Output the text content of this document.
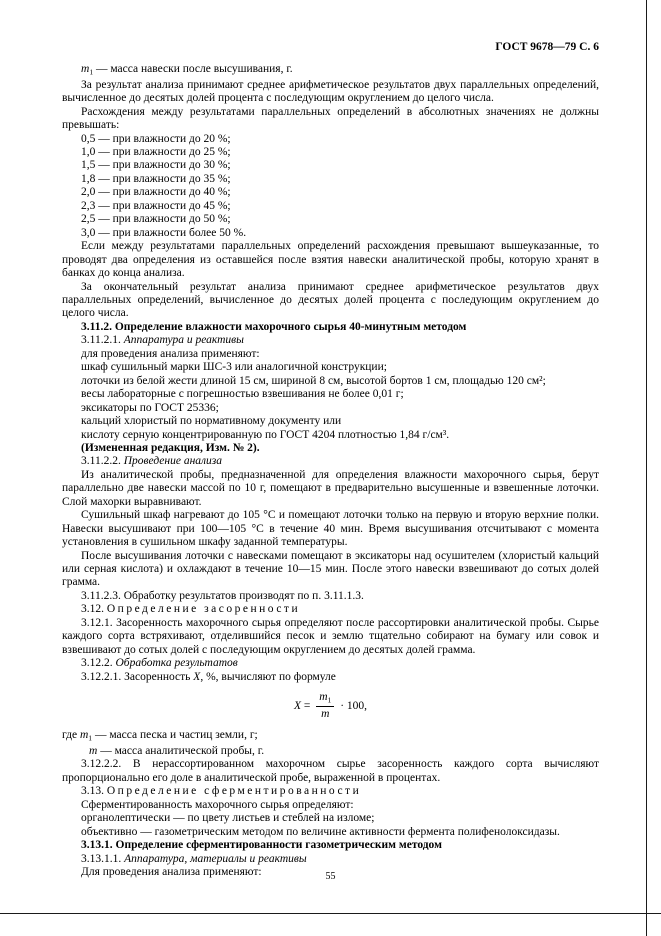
ГОСТ 9678—79 С. 6

$m_1$ — масса навески после высушивания, г.

За результат анализа принимают среднее арифметическое результатов двух параллельных определений, вычисленное до десятых долей процента с последующим округлением до целого числа.

Расхождения между результатами параллельных определений в абсолютных значениях не должны превышать:

0,5 — при влажности до 20 %;

1,0 — при влажности до 25 %;

1,5 — при влажности до 30 %;

1,8 — при влажности до 35 %;

2,0 — при влажности до 40 %;

2,3 — при влажности до 45 %;

2,5 — при влажности до 50 %;

3,0 — при влажности более 50 %.

Если между результатами параллельных определений расхождения превышают вышеуказанные, то проводят два определения из оставшейся после взятия навески аналитической пробы, которую хранят в банках до конца анализа.

За окончательный результат анализа принимают среднее арифметическое результатов двух параллельных определений, вычисленное до десятых долей процента с последующим округлением до целого числа.

3.11.2. Определение влажности махорочного сырья 40-минутным методом

3.11.2.1. Аппаратура и реактивы

для проведения анализа применяют:

шкаф сушильный марки ШС-3 или аналогичной конструкции;

лоточки из белой жести длиной 15 см, шириной 8 см, высотой бортов 1 см, площадью 120 см²;

весы лабораторные с погрешностью взвешивания не более 0,01 г;

эксикаторы по ГОСТ 25336;

кальций хлористый по нормативному документу или

кислоту серную концентрированную по ГОСТ 4204 плотностью 1,84 г/см³.

(Измененная редакция, Изм. № 2).

3.11.2.2. Проведение анализа

Из аналитической пробы, предназначенной для определения влажности махорочного сырья, берут параллельно две навески массой по 10 г, помещают в предварительно высушенные и взвешенные лоточки. Слой махорки выравнивают.

Сушильный шкаф нагревают до 105 °С и помещают лоточки только на первую и вторую верхние полки. Навески высушивают при 100—105 °С в течение 40 мин. Время высушивания отсчитывают с момента установления в сушильном шкафу заданной температуры.

После высушивания лоточки с навесками помещают в эксикаторы над осушителем (хлористый кальций или серная кислота) и охлаждают в течение 10—15 мин. После этого навески взвешивают до сотых долей грамма.

3.11.2.3. Обработку результатов производят по п. 3.11.1.3.

3.12. Определение засоренности

3.12.1. Засоренность махорочного сырья определяют после рассортировки аналитической пробы. Сырье каждого сорта встряхивают, отделившийся песок и землю тщательно собирают на бумагу или совок и взвешивают до сотых долей с последующим округлением до десятых долей грамма.

3.12.2. Обработка результатов

3.12.2.1. Засоренность X, %, вычисляют по формуле

$X = \frac{m_1}{m} \cdot 100$,

где $m_1$ — масса песка и частиц земли, г;

m — масса аналитической пробы, г.

3.12.2.2. В нерассортированном махорочном сырье засоренность каждого сорта вычисляют пропорционально его доле в аналитической пробе, выраженной в процентах.

3.13. Определение сферментированности

Сферментированность махорочного сырья определяют:

органолептически — по цвету листьев и стеблей на изломе;

объективно — газометрическим методом по величине активности фермента полифенолоксидазы.

3.13.1. Определение сферментированности газометрическим методом

3.13.1.1. Аппаратура, материалы и реактивы

Для проведения анализа применяют:	55
